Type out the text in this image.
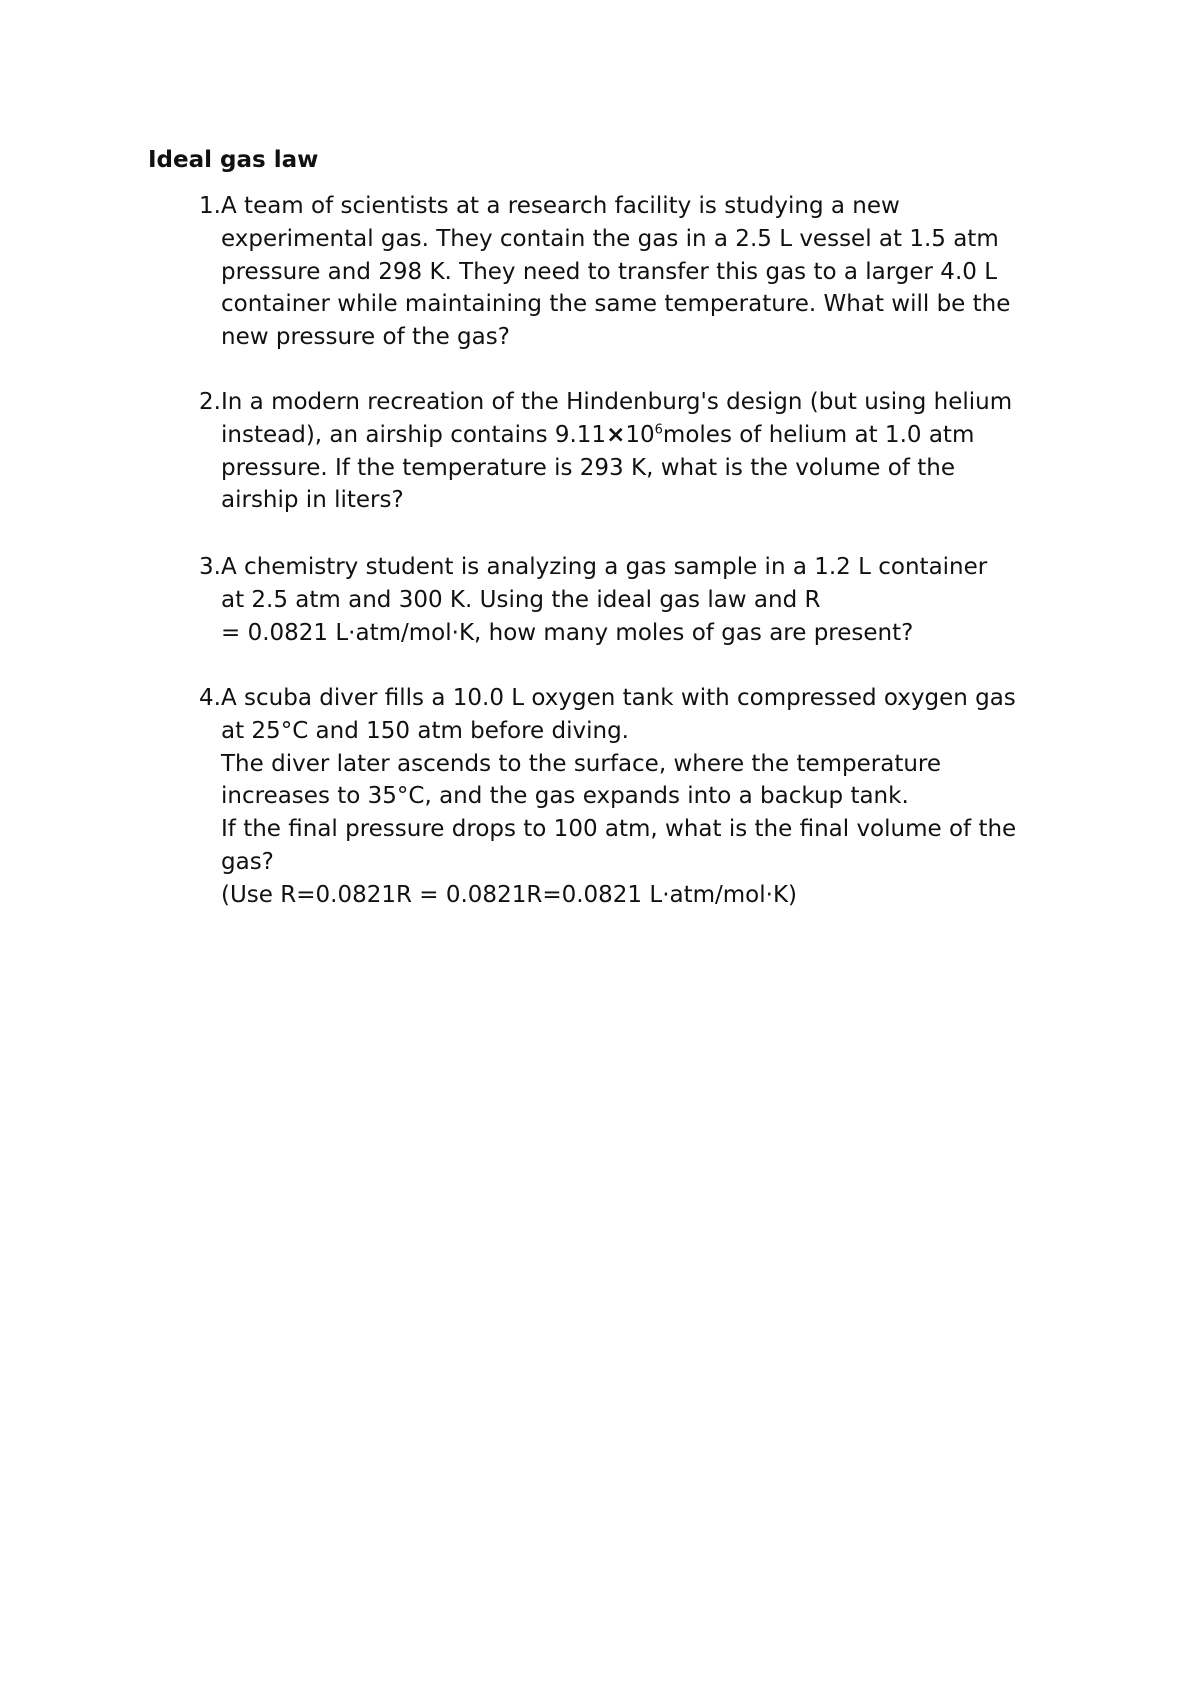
Ideal gas law
1. A team of scientists at a research facility is studying a new
experimental gas. They contain the gas in a 2.5 L vessel at 1.5 atm
pressure and 298 K. They need to transfer this gas to a larger 4.0 L
container while maintaining the same temperature. What will be the
new pressure of the gas?
2. In a modern recreation of the Hindenburg's design (but using helium
instead), an airship contains $9.11\times 10^6moles$ of helium at 1.0 atm
pressure. If the temperature is 293 K, what is the volume of the
airship in liters?
3. A chemistry student is analyzing a gas sample in a 1.2 L container
at 2.5 atm and 300 K. Using the ideal gas law and R
= 0.0821 L·atm/mol·K, how many moles of gas are present?
4. A scuba diver fills a 10.0 L oxygen tank with compressed oxygen gas
at 25°C and 150 atm before diving.
The diver later ascends to the surface, where the temperature
increases to 35°C, and the gas expands into a backup tank.
If the final pressure drops to 100 atm, what is the final volume of the
gas?
(Use R=0.0821R = 0.0821R=0.0821 L·atm/mol·K)
